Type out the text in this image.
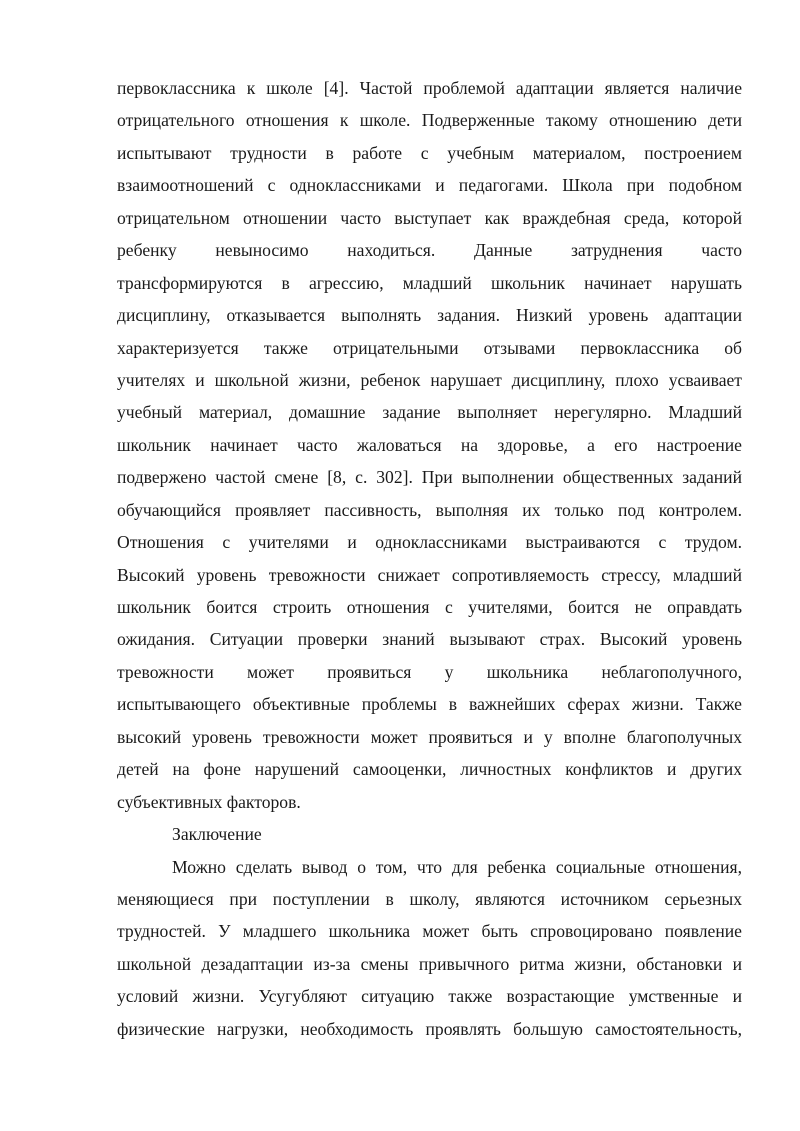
первоклассника к школе [4]. Частой проблемой адаптации является наличие
отрицательного отношения к школе. Подверженные такому отношению дети
испытывают трудности в работе с учебным материалом, построением
взаимоотношений с одноклассниками и педагогами. Школа при подобном
отрицательном отношении часто выступает как враждебная среда, которой
ребенку невыносимо находиться. Данные затруднения часто
трансформируются в агрессию, младший школьник начинает нарушать
дисциплину, отказывается выполнять задания. Низкий уровень адаптации
характеризуется также отрицательными отзывами первоклассника об
учителях и школьной жизни, ребенок нарушает дисциплину, плохо усваивает
учебный материал, домашние задание выполняет нерегулярно. Младший
школьник начинает часто жаловаться на здоровье, а его настроение
подвержено частой смене [8, с. 302]. При выполнении общественных заданий
обучающийся проявляет пассивность, выполняя их только под контролем.
Отношения с учителями и одноклассниками выстраиваются с трудом.
Высокий уровень тревожности снижает сопротивляемость стрессу, младший
школьник боится строить отношения с учителями, боится не оправдать
ожидания. Ситуации проверки знаний вызывают страх. Высокий уровень
тревожности может проявиться у школьника неблагополучного,
испытывающего объективные проблемы в важнейших сферах жизни. Также
высокий уровень тревожности может проявиться и у вполне благополучных
детей на фоне нарушений самооценки, личностных конфликтов и других
субъективных факторов.
Заключение
Можно сделать вывод о том, что для ребенка социальные отношения,
меняющиеся при поступлении в школу, являются источником серьезных
трудностей. У младшего школьника может быть спровоцировано появление
школьной дезадаптации из-за смены привычного ритма жизни, обстановки и
условий жизни. Усугубляют ситуацию также возрастающие умственные и
физические нагрузки, необходимость проявлять большую самостоятельность,
